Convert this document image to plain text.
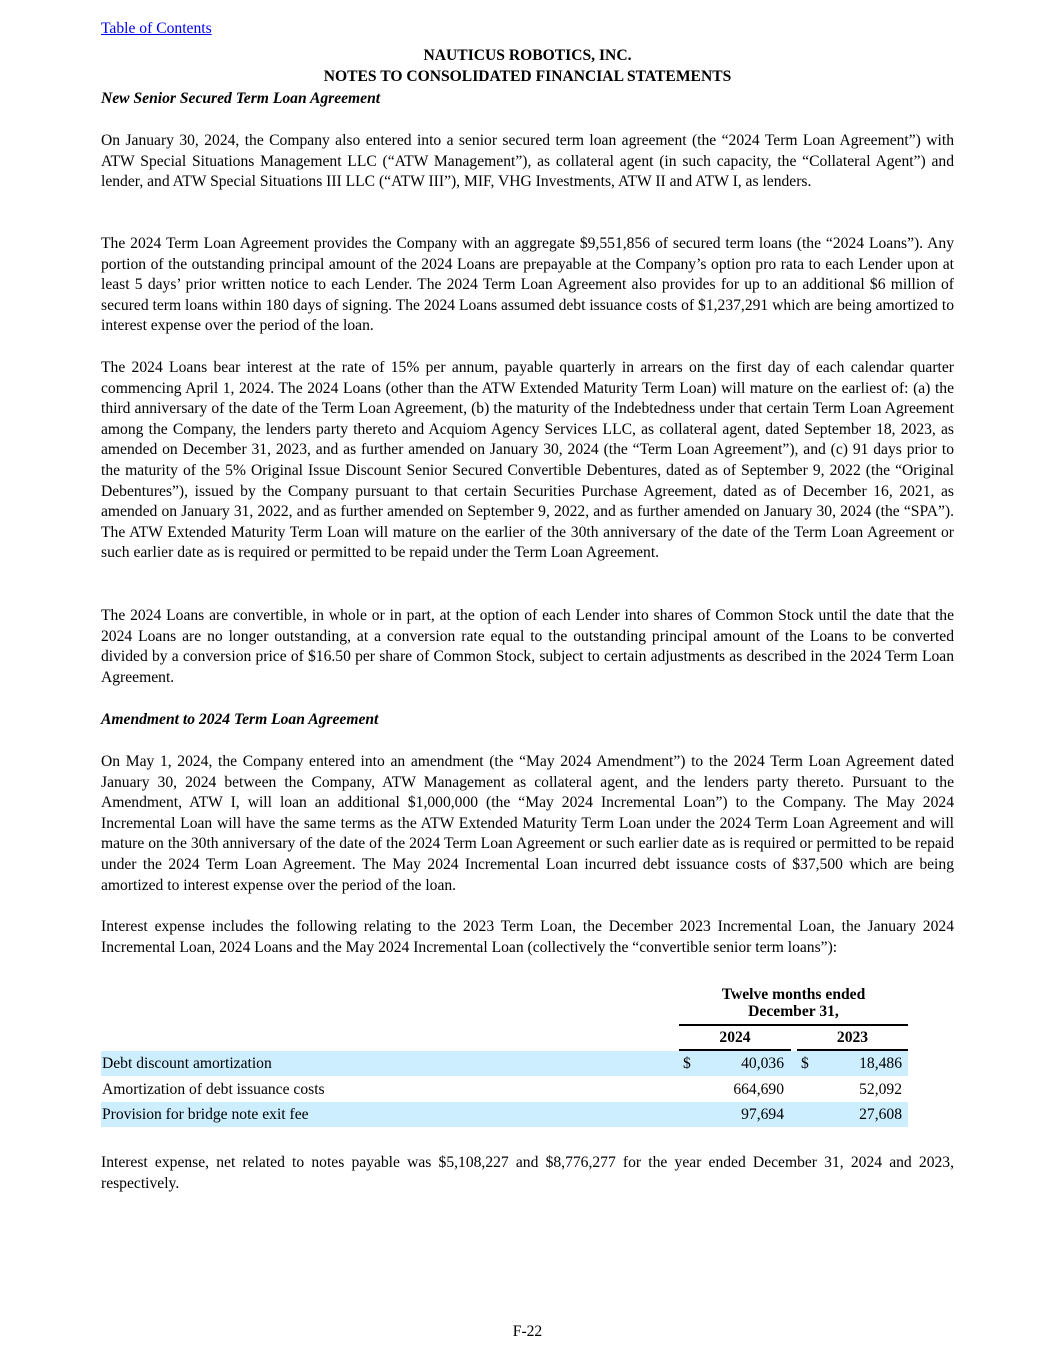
Table of Contents
NAUTICUS ROBOTICS, INC.
NOTES TO CONSOLIDATED FINANCIAL STATEMENTS
New Senior Secured Term Loan Agreement

On January 30, 2024, the Company also entered into a senior secured term loan agreement (the “2024 Term Loan Agreement”) with ATW Special Situations Management LLC (“ATW Management”), as collateral agent (in such capacity, the “Collateral Agent”) and lender, and ATW Special Situations III LLC (“ATW III”), MIF, VHG Investments, ATW II and ATW I, as lenders.

The 2024 Term Loan Agreement provides the Company with an aggregate $9,551,856 of secured term loans (the “2024 Loans”). Any portion of the outstanding principal amount of the 2024 Loans are prepayable at the Company’s option pro rata to each Lender upon at least 5 days’ prior written notice to each Lender. The 2024 Term Loan Agreement also provides for up to an additional $6 million of secured term loans within 180 days of signing. The 2024 Loans assumed debt issuance costs of $1,237,291 which are being amortized to interest expense over the period of the loan.

The 2024 Loans bear interest at the rate of 15% per annum, payable quarterly in arrears on the first day of each calendar quarter commencing April 1, 2024. The 2024 Loans (other than the ATW Extended Maturity Term Loan) will mature on the earliest of: (a) the third anniversary of the date of the Term Loan Agreement, (b) the maturity of the Indebtedness under that certain Term Loan Agreement among the Company, the lenders party thereto and Acquiom Agency Services LLC, as collateral agent, dated September 18, 2023, as amended on December 31, 2023, and as further amended on January 30, 2024 (the “Term Loan Agreement”), and (c) 91 days prior to the maturity of the 5% Original Issue Discount Senior Secured Convertible Debentures, dated as of September 9, 2022 (the “Original Debentures”), issued by the Company pursuant to that certain Securities Purchase Agreement, dated as of December 16, 2021, as amended on January 31, 2022, and as further amended on September 9, 2022, and as further amended on January 30, 2024 (the “SPA”). The ATW Extended Maturity Term Loan will mature on the earlier of the 30th anniversary of the date of the Term Loan Agreement or such earlier date as is required or permitted to be repaid under the Term Loan Agreement.

The 2024 Loans are convertible, in whole or in part, at the option of each Lender into shares of Common Stock until the date that the 2024 Loans are no longer outstanding, at a conversion rate equal to the outstanding principal amount of the Loans to be converted divided by a conversion price of $16.50 per share of Common Stock, subject to certain adjustments as described in the 2024 Term Loan Agreement.

Amendment to 2024 Term Loan Agreement

On May 1, 2024, the Company entered into an amendment (the “May 2024 Amendment”) to the 2024 Term Loan Agreement dated January 30, 2024 between the Company, ATW Management as collateral agent, and the lenders party thereto. Pursuant to the Amendment, ATW I, will loan an additional $1,000,000 (the “May 2024 Incremental Loan”) to the Company. The May 2024 Incremental Loan will have the same terms as the ATW Extended Maturity Term Loan under the 2024 Term Loan Agreement and will mature on the 30th anniversary of the date of the 2024 Term Loan Agreement or such earlier date as is required or permitted to be repaid under the 2024 Term Loan Agreement. The May 2024 Incremental Loan incurred debt issuance costs of $37,500 which are being amortized to interest expense over the period of the loan.

Interest expense includes the following relating to the 2023 Term Loan, the December 2023 Incremental Loan, the January 2024 Incremental Loan, 2024 Loans and the May 2024 Incremental Loan (collectively the “convertible senior term loans”):

Twelve months ended
December 31,
2024	2023
Debt discount amortization	$	40,036 $	18,486
Amortization of debt issuance costs	664,690	52,092
Provision for bridge note exit fee	97,694	27,608

Interest expense, net related to notes payable was $5,108,227 and $8,776,277 for the year ended December 31, 2024 and 2023, respectively.

F-22
